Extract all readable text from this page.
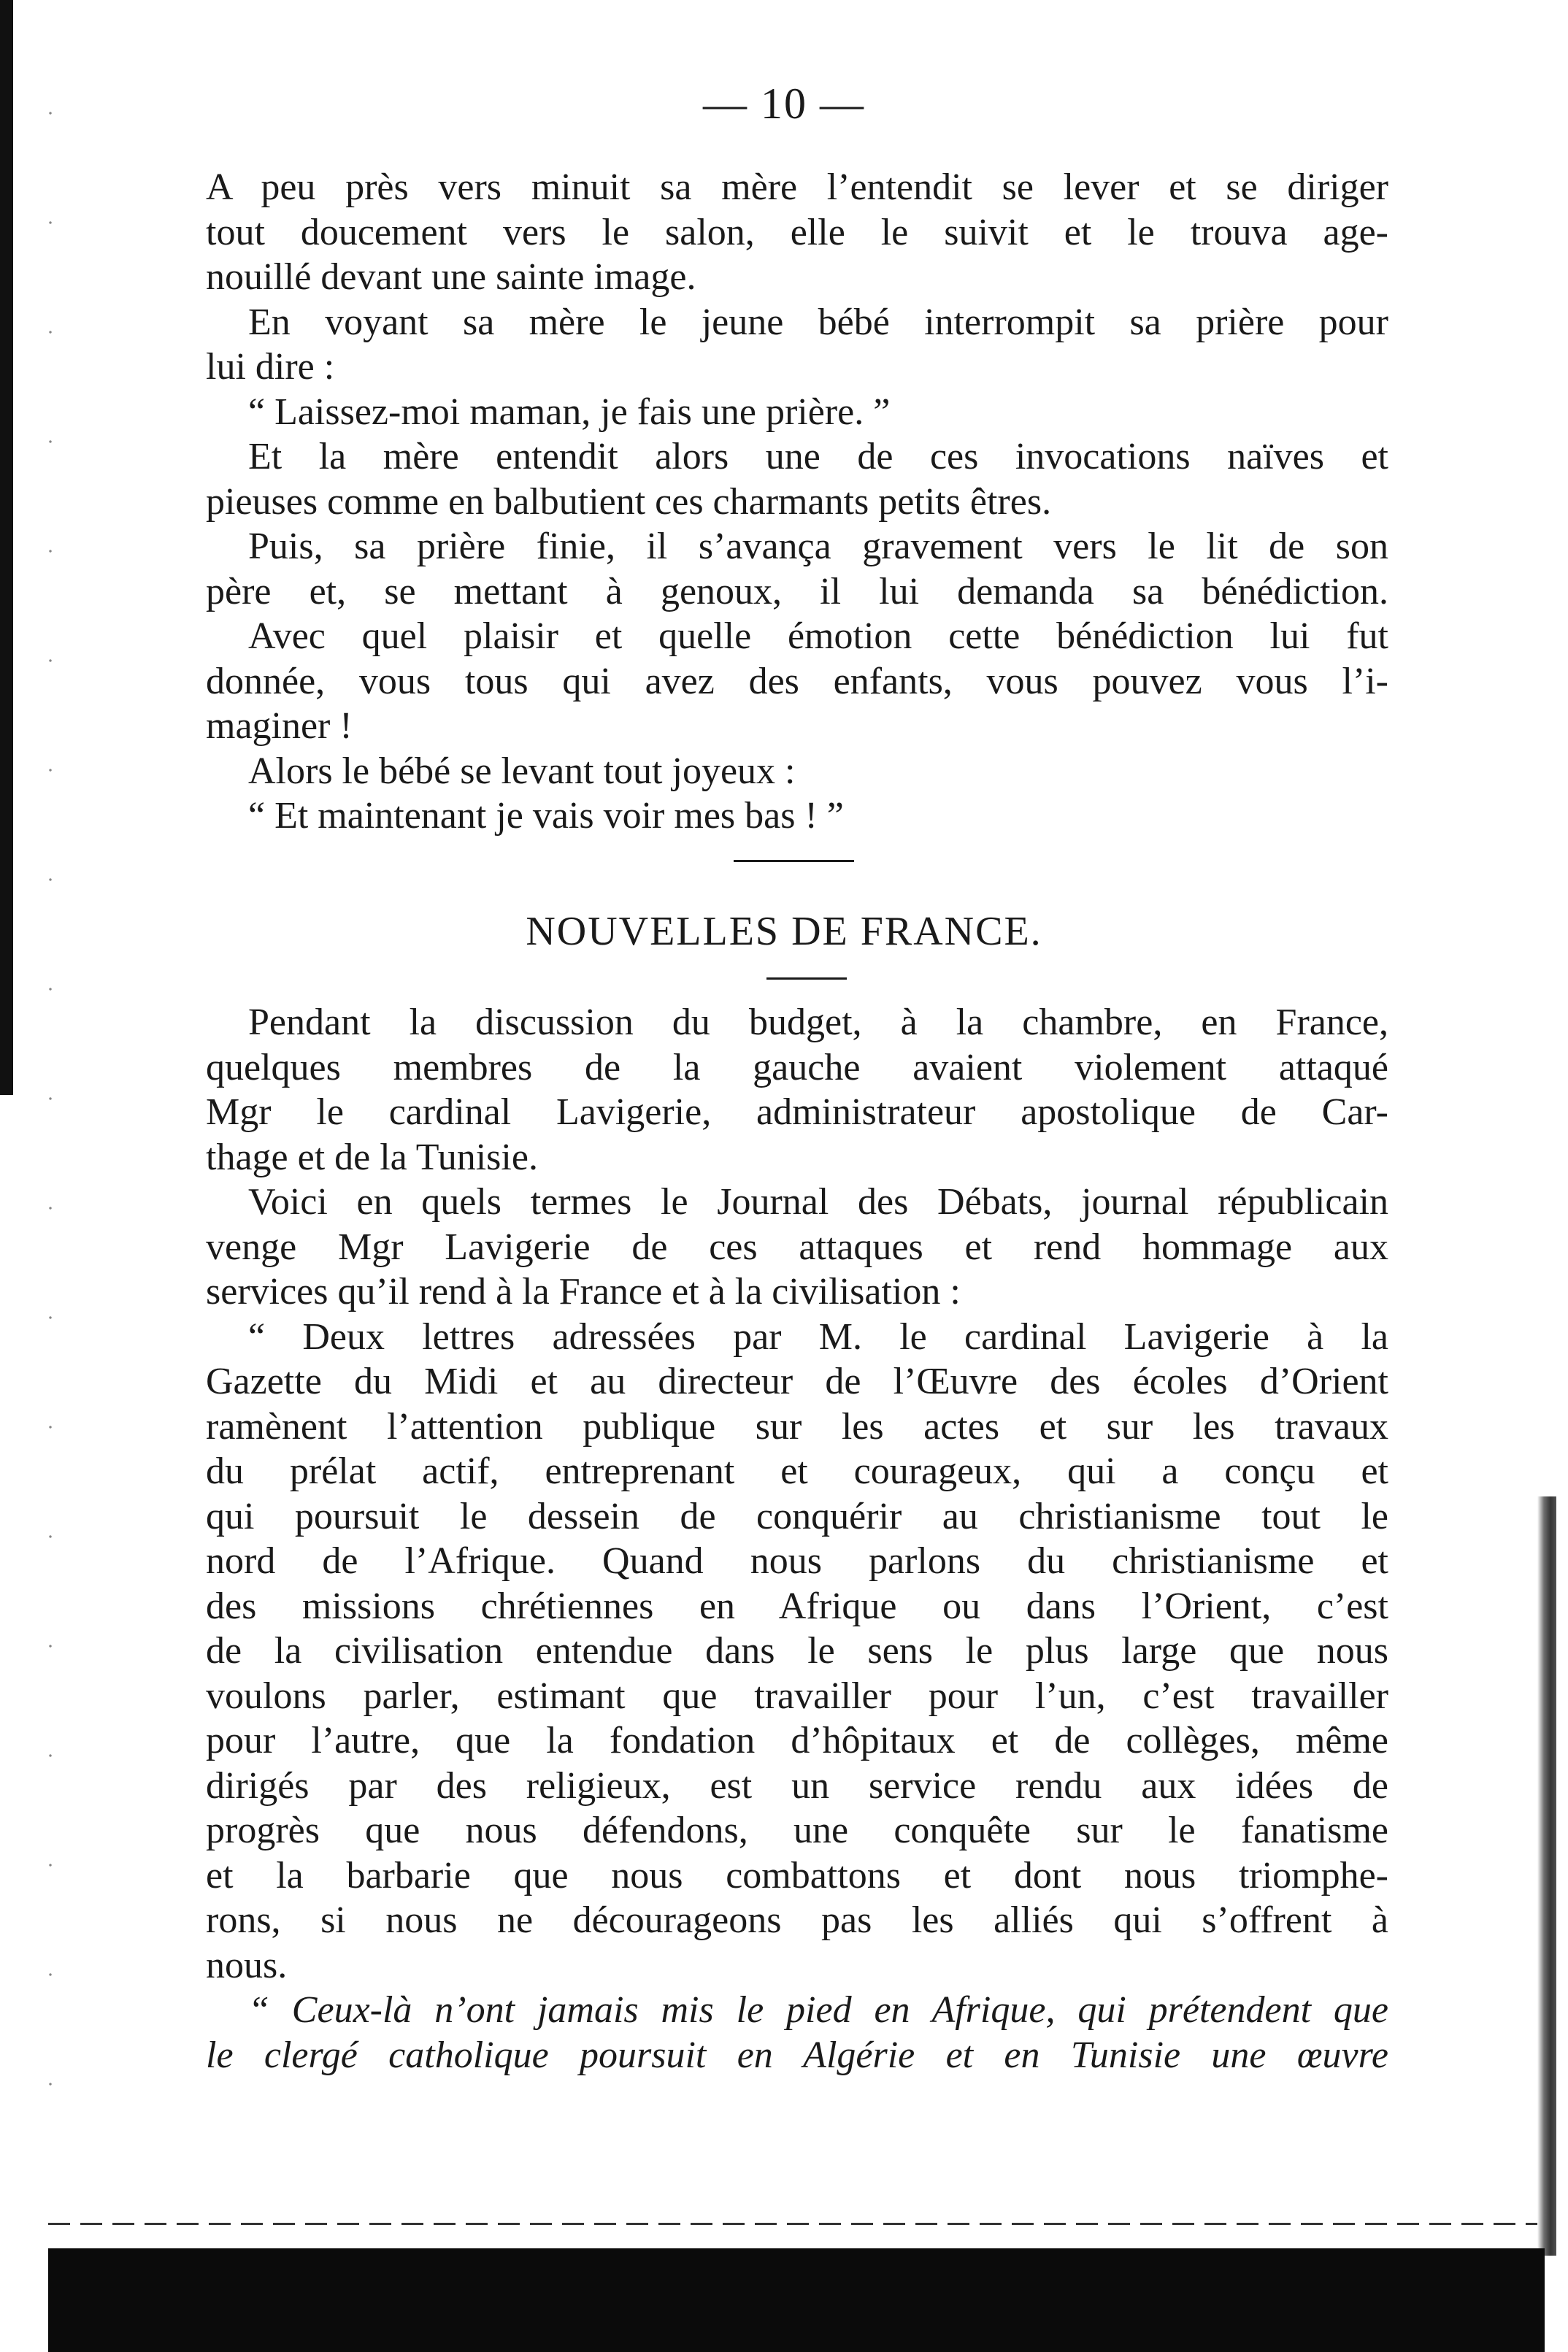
— 10 —
A peu près vers minuit sa mère l’entendit se lever et se diriger
tout doucement vers le salon, elle le suivit et le trouva age-
nouillé devant une sainte image.
En voyant sa mère le jeune bébé interrompit sa prière pour
lui dire :
“ Laissez-moi maman, je fais une prière. ”
Et la mère entendit alors une de ces invocations naïves et
pieuses comme en balbutient ces charmants petits êtres.
Puis, sa prière finie, il s’avança gravement vers le lit de son
père et, se mettant à genoux, il lui demanda sa bénédiction.
Avec quel plaisir et quelle émotion cette bénédiction lui fut
donnée, vous tous qui avez des enfants, vous pouvez vous l’i-
maginer !
Alors le bébé se levant tout joyeux :
“ Et maintenant je vais voir mes bas ! ”
NOUVELLES DE FRANCE.
Pendant la discussion du budget, à la chambre, en France,
quelques membres de la gauche avaient violement attaqué
Mgr le cardinal Lavigerie, administrateur apostolique de Car-
thage et de la Tunisie.
Voici en quels termes le Journal des Débats, journal républicain
venge Mgr Lavigerie de ces attaques et rend hommage aux
services qu’il rend à la France et à la civilisation :
“ Deux lettres adressées par M. le cardinal Lavigerie à la
Gazette du Midi et au directeur de l’Œuvre des écoles d’Orient
ramènent l’attention publique sur les actes et sur les travaux
du prélat actif, entreprenant et courageux, qui a conçu et
qui poursuit le dessein de conquérir au christianisme tout le
nord de l’Afrique. Quand nous parlons du christianisme et
des missions chrétiennes en Afrique ou dans l’Orient, c’est
de la civilisation entendue dans le sens le plus large que nous
voulons parler, estimant que travailler pour l’un, c’est travailler
pour l’autre, que la fondation d’hôpitaux et de collèges, même
dirigés par des religieux, est un service rendu aux idées de
progrès que nous défendons, une conquête sur le fanatisme
et la barbarie que nous combattons et dont nous triomphe-
rons, si nous ne décourageons pas les alliés qui s’offrent à
nous.
“ Ceux-là n’ont jamais mis le pied en Afrique, qui prétendent que
le clergé catholique poursuit en Algérie et en Tunisie une œuvre
